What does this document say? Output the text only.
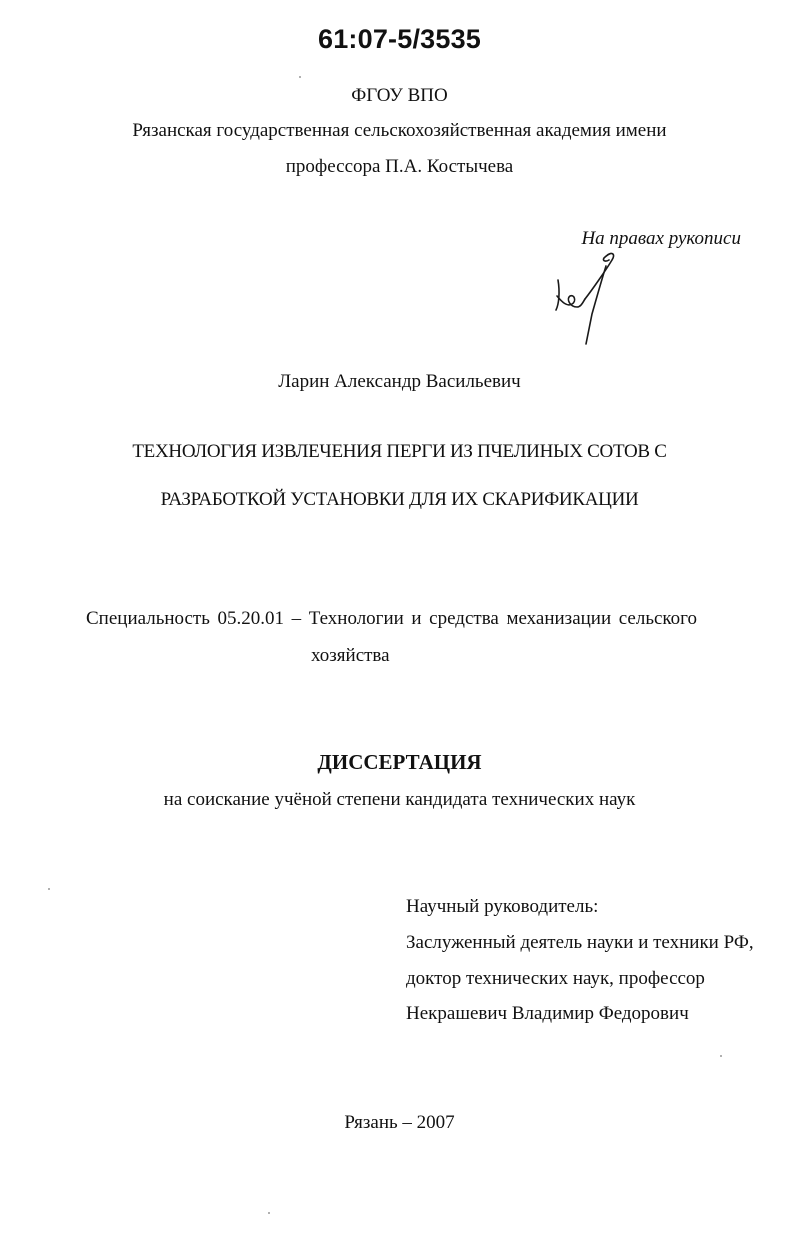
61:07-5/3535
ФГОУ ВПО
Рязанская государственная сельскохозяйственная академия имени
профессора П.А. Костычева
На правах рукописи
Ларин Александр Васильевич
ТЕХНОЛОГИЯ ИЗВЛЕЧЕНИЯ ПЕРГИ ИЗ ПЧЕЛИНЫХ СОТОВ С
РАЗРАБОТКОЙ УСТАНОВКИ ДЛЯ ИХ СКАРИФИКАЦИИ
Специальность 05.20.01 – Технологии и средства механизации сельского
хозяйства
ДИССЕРТАЦИЯ
на соискание учёной степени кандидата технических наук
Научный руководитель:
Заслуженный деятель науки и техники РФ,
доктор технических наук, профессор
Некрашевич Владимир Федорович
Рязань – 2007
